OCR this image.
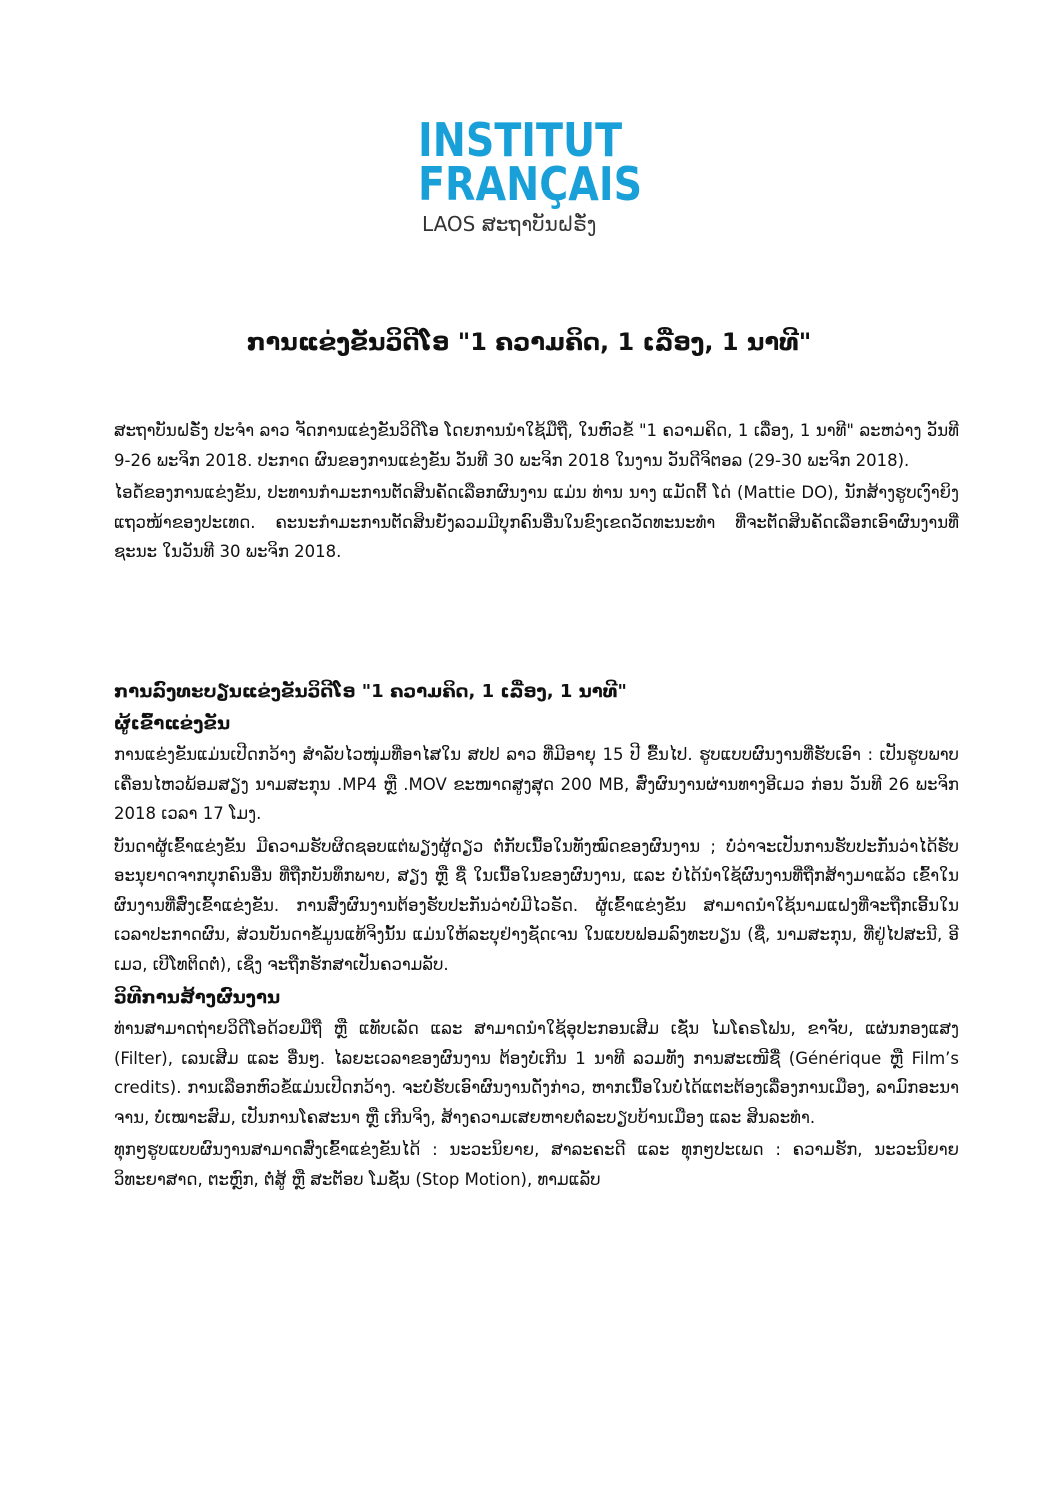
INSTITUT
FRANÇAIS
LAOS ສະຖາບັນຝຣັ່ງ
ການແຂ່ງຂັນວິດີໂອ "1 ຄວາມຄິດ, 1 ເລື່ອງ, 1 ນາທີ"

ສະຖາບັນຝຣັ່ງ ປະຈຳ ລາວ ຈັດການແຂ່ງຂັນວິດີໂອ ໂດຍການນຳໃຊ້ມືຖື, ໃນຫົວຂໍ້ "1 ຄວາມຄິດ, 1 ເລື່ອງ, 1 ນາທີ" ລະຫວ່າງ ວັນທີ 9-26 ພະຈິກ 2018. ປະກາດ ຜົນຂອງການແຂ່ງຂັນ ວັນທີ 30 ພະຈິກ 2018 ໃນງານ ວັນດີຈິຕອລ (29-30 ພະຈິກ 2018).

ໄອດໍ້ຂອງການແຂ່ງຂັນ, ປະທານກຳມະການຕັດສິນຄັດເລືອກຜົນງານ ແມ່ນ ທ່ານ ນາງ ແມັດຕີ້ ໂດ່ (Mattie DO), ນັກສ້າງຮູບເງົາຍິງ ແຖວໜ້າຂອງປະເທດ. ຄະນະກຳມະການຕັດສິນຍັງລວມມີບຸກຄົນອື່ນໃນຂົງເຂດວັດທະນະທຳ ທີ່ຈະຕັດສິນຄັດເລືອກເອົາຜົນງານທີ່ຊະນະ ໃນວັນທີ 30 ພະຈິກ 2018.

ການລົງທະບຽນແຂ່ງຂັນວິດີໂອ "1 ຄວາມຄິດ, 1 ເລື່ອງ, 1 ນາທີ"

ຜູ້ເຂົ້າແຂ່ງຂັນ

ການແຂ່ງຂັນແມ່ນເປີດກວ້າງ ສຳລັບໄວໜຸ່ມທີ່ອາໄສໃນ ສປປ ລາວ ທີ່ມີອາຍຸ 15 ປີ ຂື້ນໄປ. ຮູບແບບຜົນງານທີ່ຮັບເອົາ : ເປັນຮູບພາບເຄື່ອນໄຫວພ້ອມສຽງ ນາມສະກຸນ .MP4 ຫຼື .MOV ຂະໜາດສູງສຸດ 200 MB, ສົ່ງຜົນງານຜ່ານທາງອີເມວ ກ່ອນ ວັນທີ 26 ພະຈິກ 2018 ເວລາ 17 ໂມງ.

ບັນດາຜູ້ເຂົ້າແຂ່ງຂັນ ມີຄວາມຮັບຜິດຊອບແຕ່ພຽງຜູ້ດຽວ ຕໍ່ກັບເນື້ອໃນທັງໝົດຂອງຜົນງານ ; ບໍ່ວ່າຈະເປັນການຮັບປະກັນວ່າໄດ້ຮັບອະນຸຍາດຈາກບຸກຄົນອື່ນ ທີ່ຖືກບັນທຶກພາບ, ສຽງ ຫຼື ຊື່ ໃນເນື້ອໃນຂອງຜົນງານ, ແລະ ບໍ່ໄດ້ນຳໃຊ້ຜົນງານທີ່ຖືກສ້າງມາແລ້ວ ເຂົ້າໃນຜົນງານທີ່ສົ່ງເຂົ້າແຂ່ງຂັນ. ການສົ່ງຜົນງານຕ້ອງຮັບປະກັນວ່າບໍ່ມີໄວຣັດ. ຜູ້ເຂົ້າແຂ່ງຂັນ ສາມາດນຳໃຊ້ນາມແຝງທີ່ຈະຖືກເອີ້ນໃນເວລາປະກາດຜົນ, ສ່ວນບັນດາຂໍ້ມູນແທ້ຈິງນັ້ນ ແມ່ນໃຫ້ລະບຸຢ່າງຊັດເຈນ ໃນແບບຟອມລົງທະບຽນ (ຊື່, ນາມສະກຸນ, ທີ່ຢູ່ໄປສະນີ, ອີເມວ, ເບີໂທຕິດຕໍ່), ເຊິ່ງ ຈະຖືກຮັກສາເປັນຄວາມລັບ.

ວິທີການສ້າງຜົນງານ

ທ່ານສາມາດຖ່າຍວິດີໂອດ້ວຍມືຖື ຫຼື ແທັບເລັດ ແລະ ສາມາດນຳໃຊ້ອຸປະກອນເສີມ ເຊັ່ນ ໄມໂຄຣໂຟນ, ຂາຈັບ, ແຜ່ນກອງແສງ (Filter), ເລນເສີມ ແລະ ອື່ນໆ. ໄລຍະເວລາຂອງຜົນງານ ຕ້ອງບໍ່ເກີນ 1 ນາທີ ລວມທັງ ການສະເໜີຊື່ (Générique ຫຼື Film’s credits). ການເລືອກຫົວຂໍ້ແມ່ນເປີດກວ້າງ. ຈະບໍ່ຮັບເອົາຜົນງານດັ່ງກ່າວ, ຫາກເນື້ອໃນບໍ່ໄດ້ແຕະຕ້ອງເລື່ອງການເມືອງ, ລາມົກອະນາຈານ, ບໍ່ເໝາະສົມ, ເປັນການໂຄສະນາ ຫຼື ເກີນຈິງ, ສ້າງຄວາມເສຍຫາຍຕໍ່ລະບຽບບ້ານເມືອງ ແລະ ສິນລະທຳ.

ທຸກໆຮູບແບບຜົນງານສາມາດສົ່ງເຂົ້າແຂ່ງຂັນໄດ້ : ນະວະນິຍາຍ, ສາລະຄະດີ ແລະ ທຸກໆປະເພດ : ຄວາມຮັກ, ນະວະນິຍາຍວິທະຍາສາດ, ຕະຫຼົກ, ຕໍ່ສູ້ ຫຼື ສະຕັອບ ໂມຊັ່ນ (Stop Motion), ທາມແລັບ
